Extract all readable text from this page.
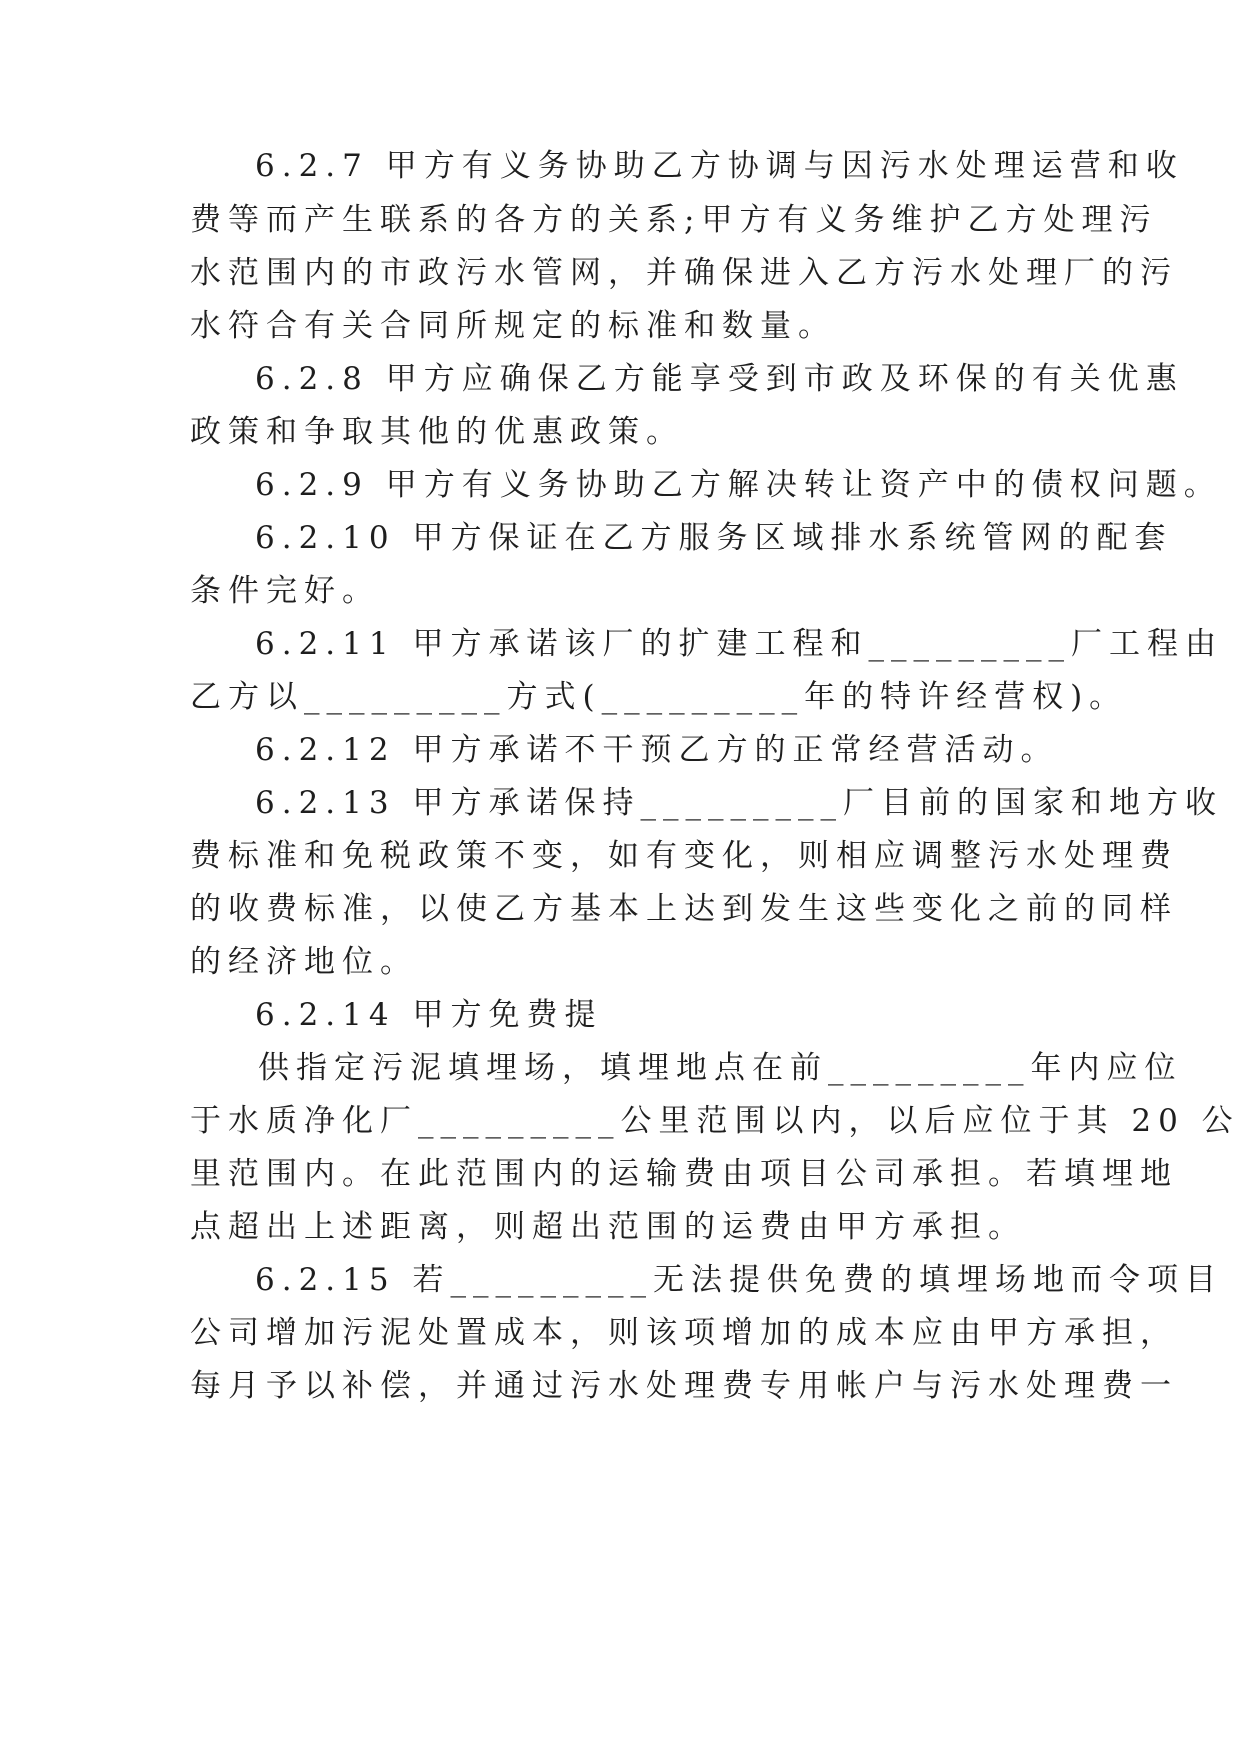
6.2.7 甲方有义务协助乙方协调与因污水处理运营和收
费等而产生联系的各方的关系;甲方有义务维护乙方处理污
水范围内的市政污水管网，并确保进入乙方污水处理厂的污
水符合有关合同所规定的标准和数量。
6.2.8 甲方应确保乙方能享受到市政及环保的有关优惠
政策和争取其他的优惠政策。
6.2.9 甲方有义务协助乙方解决转让资产中的债权问题。
6.2.10 甲方保证在乙方服务区域排水系统管网的配套
条件完好。
6.2.11 甲方承诺该厂的扩建工程和_________厂工程由
乙方以_________方式(_________年的特许经营权)。
6.2.12 甲方承诺不干预乙方的正常经营活动。
6.2.13 甲方承诺保持_________厂目前的国家和地方收
费标准和免税政策不变，如有变化，则相应调整污水处理费
的收费标准，以使乙方基本上达到发生这些变化之前的同样
的经济地位。
6.2.14 甲方免费提
供指定污泥填埋场，填埋地点在前_________年内应位
于水质净化厂_________公里范围以内，以后应位于其 20 公
里范围内。在此范围内的运输费由项目公司承担。若填埋地
点超出上述距离，则超出范围的运费由甲方承担。
6.2.15 若_________无法提供免费的填埋场地而令项目
公司增加污泥处置成本，则该项增加的成本应由甲方承担，
每月予以补偿，并通过污水处理费专用帐户与污水处理费一
